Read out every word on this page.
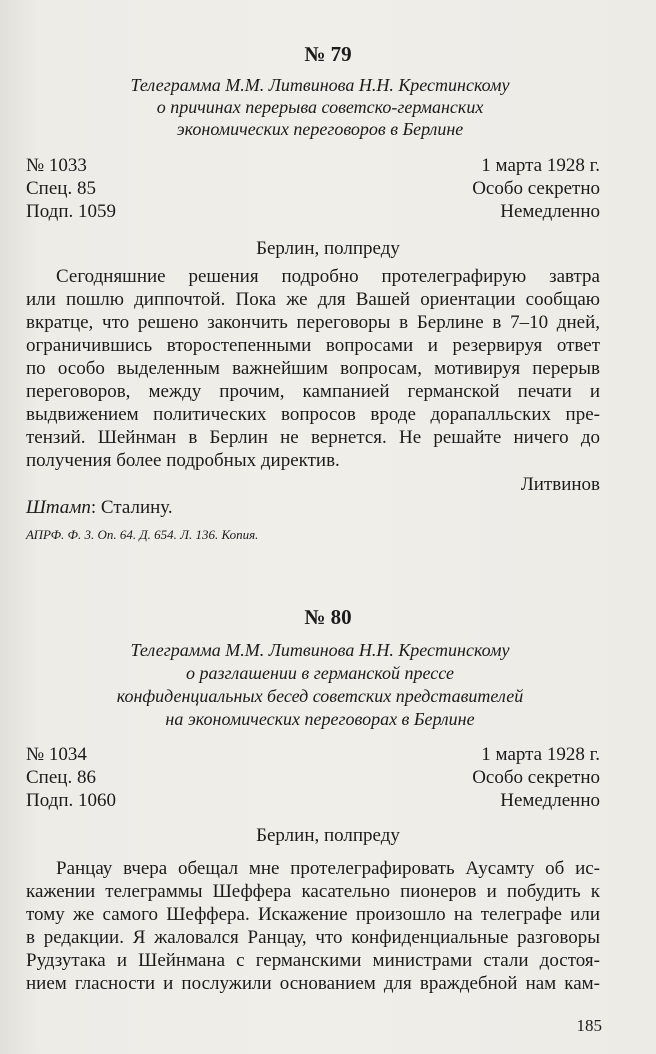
№ 79
Телеграмма М.М. Литвинова Н.Н. Крестинскому
о причинах перерыва советско-германских
экономических переговоров в Берлине
№ 1033	1 марта 1928 г.
Спец. 85	Особо секретно
Подп. 1059	Немедленно
Берлин, полпреду
Сегодняшние решения подробно протелеграфирую завтра
или пошлю диппочтой. Пока же для Вашей ориентации сообщаю
вкратце, что решено закончить переговоры в Берлине в 7–10 дней,
ограничившись второстепенными вопросами и резервируя ответ
по особо выделенным важнейшим вопросам, мотивируя перерыв
переговоров, между прочим, кампанией германской печати и
выдвижением политических вопросов вроде дорапалльских пре-
тензий. Шейнман в Берлин не вернется. Не решайте ничего до
получения более подробных директив.
Литвинов
Штамп: Сталину.
АПРФ. Ф. 3. Оп. 64. Д. 654. Л. 136. Копия.
№ 80
Телеграмма М.М. Литвинова Н.Н. Крестинскому
о разглашении в германской прессе
конфиденциальных бесед советских представителей
на экономических переговорах в Берлине
№ 1034	1 марта 1928 г.
Спец. 86	Особо секретно
Подп. 1060	Немедленно
Берлин, полпреду
Ранцау вчера обещал мне протелеграфировать Аусамту об ис-
кажении телеграммы Шеффера касательно пионеров и побудить к
тому же самого Шеффера. Искажение произошло на телеграфе или
в редакции. Я жаловался Ранцау, что конфиденциальные разговоры
Рудзутака и Шейнмана с германскими министрами стали достоя-
нием гласности и послужили основанием для враждебной нам кам-
185
